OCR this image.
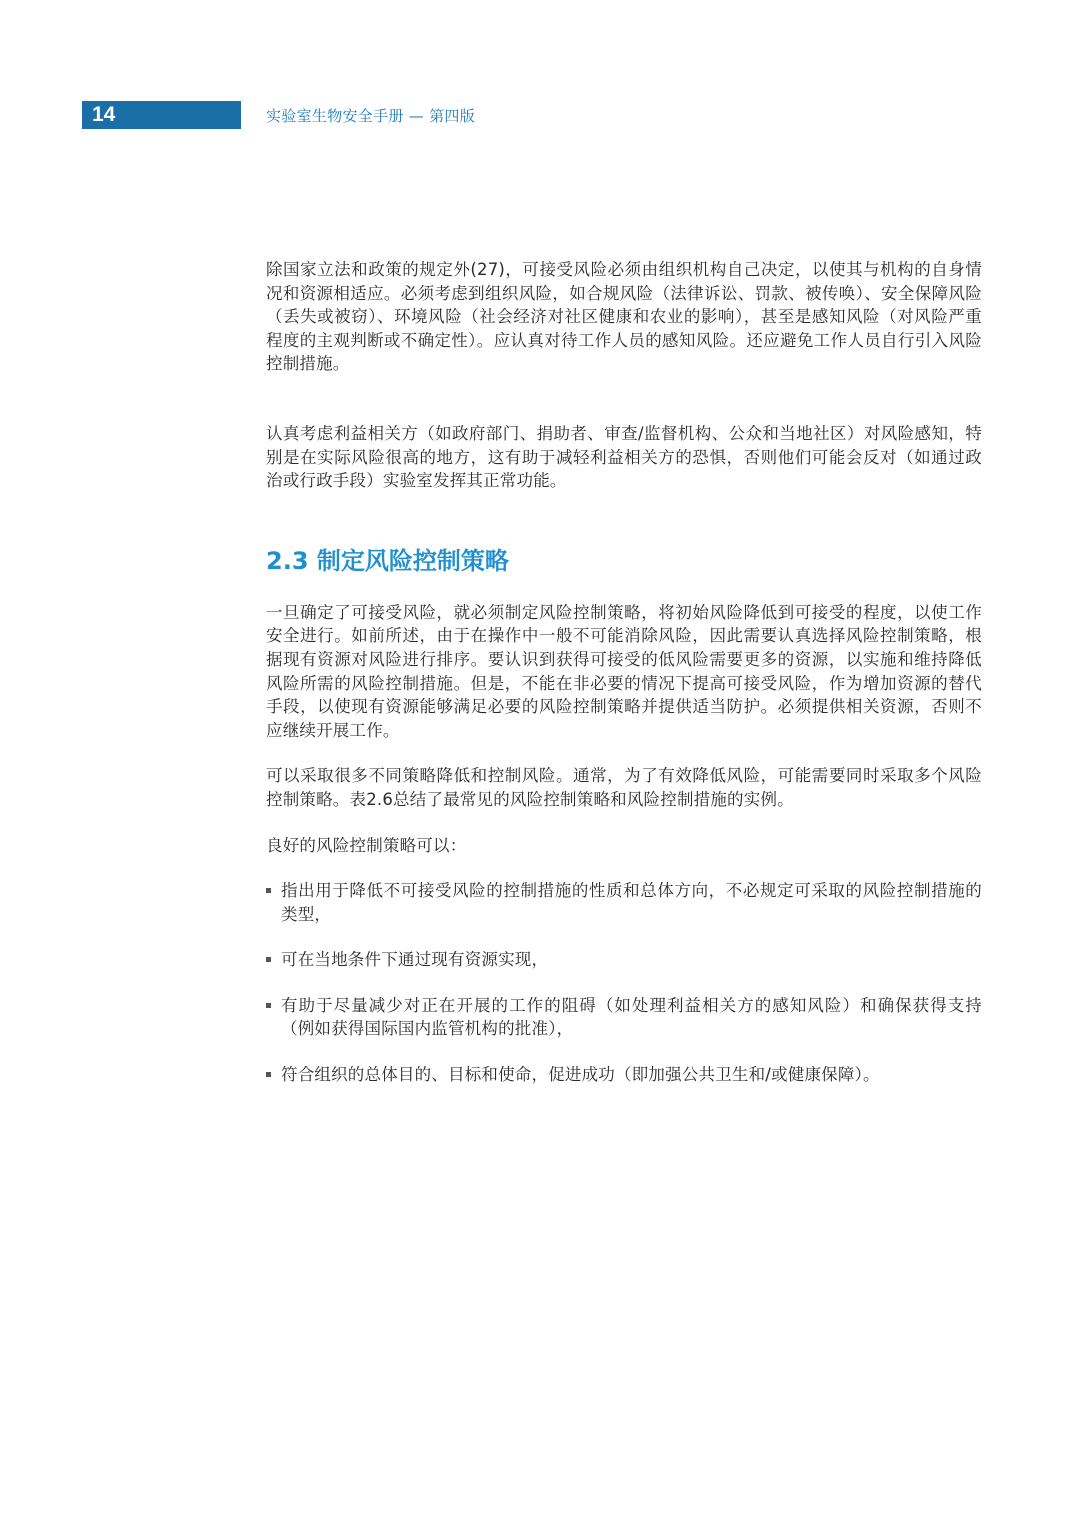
14	实验室生物安全手册 — 第四版

除国家立法和政策的规定外(27)，可接受风险必须由组织机构自己决定，以使其与机构的自身情况和资源相适应。必须考虑到组织风险，如合规风险（法律诉讼、罚款、被传唤）、安全保障风险（丢失或被窃）、环境风险（社会经济对社区健康和农业的影响），甚至是感知风险（对风险严重程度的主观判断或不确定性）。应认真对待工作人员的感知风险。还应避免工作人员自行引入风险控制措施。

认真考虑利益相关方（如政府部门、捐助者、审查/监督机构、公众和当地社区）对风险感知，特别是在实际风险很高的地方，这有助于减轻利益相关方的恐惧，否则他们可能会反对（如通过政治或行政手段）实验室发挥其正常功能。

2.3 制定风险控制策略

一旦确定了可接受风险，就必须制定风险控制策略，将初始风险降低到可接受的程度，以使工作安全进行。如前所述，由于在操作中一般不可能消除风险，因此需要认真选择风险控制策略，根据现有资源对风险进行排序。要认识到获得可接受的低风险需要更多的资源，以实施和维持降低风险所需的风险控制措施。但是，不能在非必要的情况下提高可接受风险，作为增加资源的替代手段，以使现有资源能够满足必要的风险控制策略并提供适当防护。必须提供相关资源，否则不应继续开展工作。

可以采取很多不同策略降低和控制风险。通常，为了有效降低风险，可能需要同时采取多个风险控制策略。表2.6总结了最常见的风险控制策略和风险控制措施的实例。

良好的风险控制策略可以：

指出用于降低不可接受风险的控制措施的性质和总体方向，不必规定可采取的风险控制措施的类型，
可在当地条件下通过现有资源实现，
有助于尽量减少对正在开展的工作的阻碍（如处理利益相关方的感知风险）和确保获得支持（例如获得国际国内监管机构的批准），
符合组织的总体目的、目标和使命，促进成功（即加强公共卫生和/或健康保障）。
